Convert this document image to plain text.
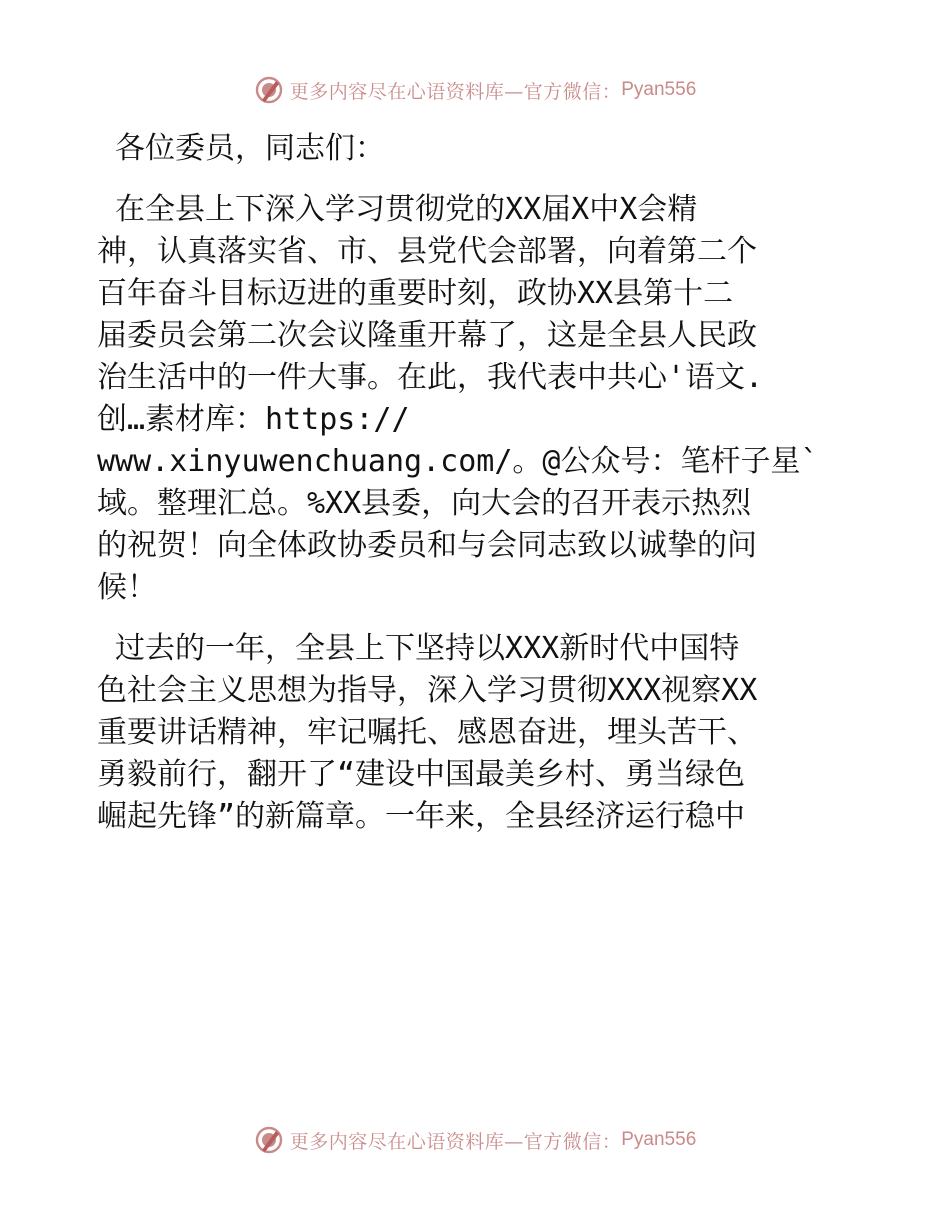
更多内容尽在心语资料库—官方微信： Pyan556
各位委员，同志们：
在全县上下深入学习贯彻党的XX届X中X会精
神，认真落实省、市、县党代会部署，向着第二个
百年奋斗目标迈进的重要时刻，政协XX县第十二
届委员会第二次会议隆重开幕了，这是全县人民政
治生活中的一件大事。在此，我代表中共心'语文.
创…素材库：https://
www.xinyuwenchuang.com/。@公众号：笔杆子星`
域。整理汇总。%XX县委，向大会的召开表示热烈
的祝贺！向全体政协委员和与会同志致以诚挚的问
候！
过去的一年，全县上下坚持以XXX新时代中国特
色社会主义思想为指导，深入学习贯彻XXX视察XX
重要讲话精神，牢记嘱托、感恩奋进，埋头苦干、
勇毅前行，翻开了“建设中国最美乡村、勇当绿色
崛起先锋”的新篇章。一年来，全县经济运行稳中
更多内容尽在心语资料库—官方微信： Pyan556
